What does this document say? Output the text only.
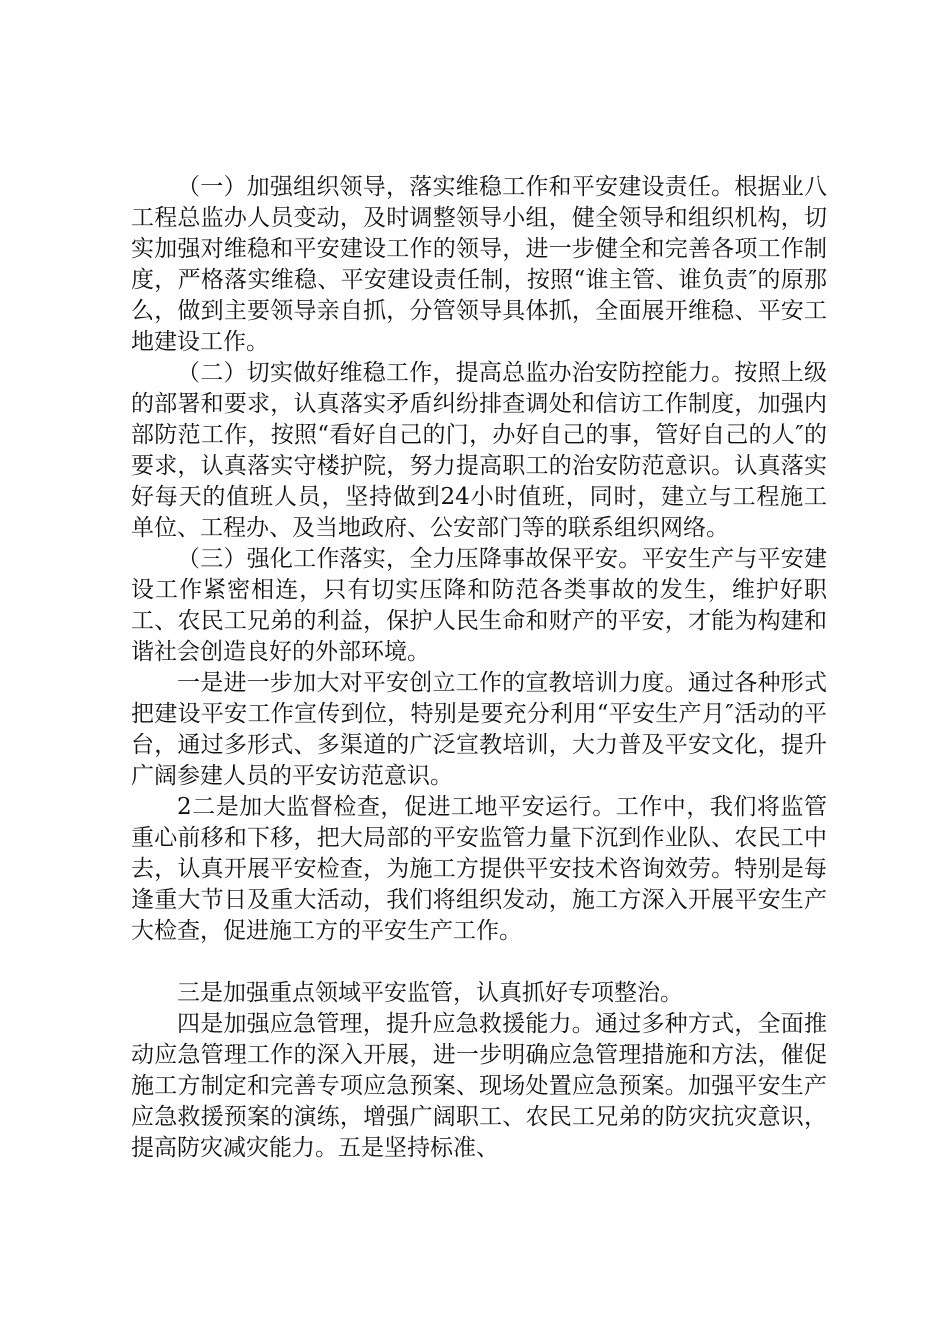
（一）加强组织领导，落实维稳工作和平安建设责任。根据业八工程总监办人员变动，及时调整领导小组，健全领导和组织机构，切实加强对维稳和平安建设工作的领导，进一步健全和完善各项工作制度，严格落实维稳、平安建设责任制，按照“谁主管、谁负责″的原那么，做到主要领导亲自抓，分管领导具体抓，全面展开维稳、平安工地建设工作。

（二）切实做好维稳工作，提高总监办治安防控能力。按照上级的部署和要求，认真落实矛盾纠纷排查调处和信访工作制度，加强内部防范工作，按照“看好自己的门，办好自己的事，管好自己的人″的要求，认真落实守楼护院，努力提高职工的治安防范意识。认真落实好每天的值班人员，坚持做到24小时值班，同时，建立与工程施工单位、工程办、及当地政府、公安部门等的联系组织网络。

（三）强化工作落实，全力压降事故保平安。平安生产与平安建设工作紧密相连，只有切实压降和防范各类事故的发生，维护好职工、农民工兄弟的利益，保护人民生命和财产的平安，才能为构建和谐社会创造良好的外部环境。

一是进一步加大对平安创立工作的宣教培训力度。通过各种形式把建设平安工作宣传到位，特别是要充分利用“平安生产月″活动的平台，通过多形式、多渠道的广泛宣教培训，大力普及平安文化，提升广阔参建人员的平安访范意识。

2二是加大监督检查，促进工地平安运行。工作中，我们将监管重心前移和下移，把大局部的平安监管力量下沉到作业队、农民工中去，认真开展平安检查，为施工方提供平安技术咨询效劳。特别是每逢重大节日及重大活动，我们将组织发动，施工方深入开展平安生产大检查，促进施工方的平安生产工作。

三是加强重点领域平安监管，认真抓好专项整治。

四是加强应急管理，提升应急救援能力。通过多种方式，全面推动应急管理工作的深入开展，进一步明确应急管理措施和方法，催促施工方制定和完善专项应急预案、现场处置应急预案。加强平安生产应急救援预案的演练，增强广阔职工、农民工兄弟的防灾抗灾意识，提高防灾减灾能力。五是坚持标准、
